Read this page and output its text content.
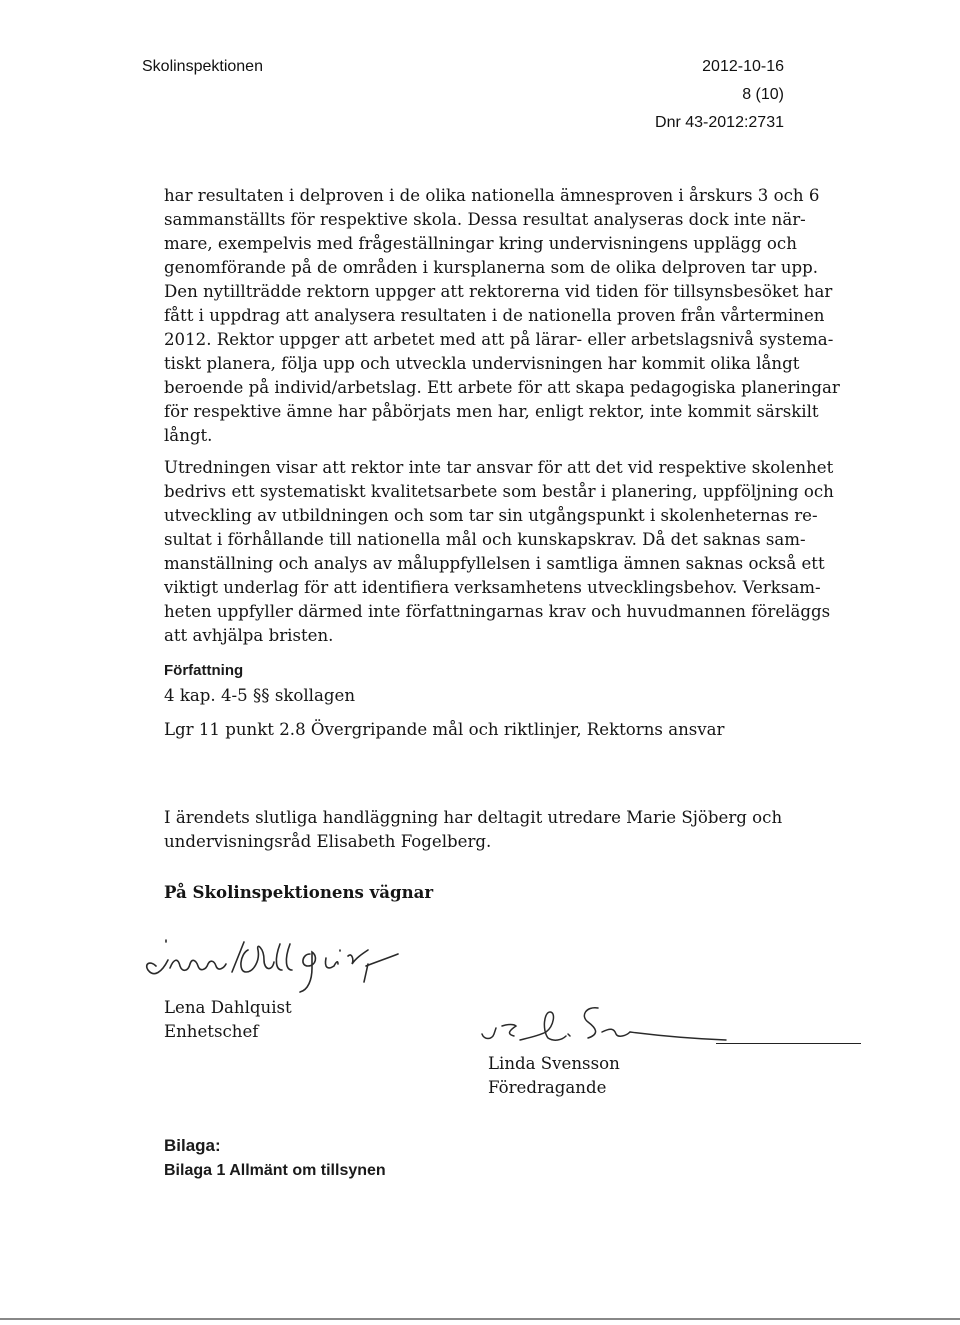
Skolinspektionen	2012-10-16
8 (10)
Dnr 43-2012:2731

har resultaten i delproven i de olika nationella ämnesproven i årskurs 3 och 6

sammanställts för respektive skola. Dessa resultat analyseras dock inte när-

mare, exempelvis med frågeställningar kring undervisningens upplägg och

genomförande på de områden i kursplanerna som de olika delproven tar upp.

Den nytillträdde rektorn uppger att rektorerna vid tiden för tillsynsbesöket har

fått i uppdrag att analysera resultaten i de nationella proven från vårterminen

2012. Rektor uppger att arbetet med att på lärar- eller arbetslagsnivå systema-

tiskt planera, följa upp och utveckla undervisningen har kommit olika långt

beroende på individ/arbetslag. Ett arbete för att skapa pedagogiska planeringar

för respektive ämne har påbörjats men har, enligt rektor, inte kommit särskilt

långt.

Utredningen visar att rektor inte tar ansvar för att det vid respektive skolenhet

bedrivs ett systematiskt kvalitetsarbete som består i planering, uppföljning och

utveckling av utbildningen och som tar sin utgångspunkt i skolenheternas re-

sultat i förhållande till nationella mål och kunskapskrav. Då det saknas sam-

manställning och analys av måluppfyllelsen i samtliga ämnen saknas också ett

viktigt underlag för att identifiera verksamhetens utvecklingsbehov. Verksam-

heten uppfyller därmed inte författningarnas krav och huvudmannen föreläggs

att avhjälpa bristen.

Författning

4 kap. 4-5 §§ skollagen

Lgr 11 punkt 2.8 Övergripande mål och riktlinjer, Rektorns ansvar

I ärendets slutliga handläggning har deltagit utredare Marie Sjöberg och

undervisningsråd Elisabeth Fogelberg.

På Skolinspektionens vägnar

Lena Dahlquist

Enhetschef

Linda Svensson

Föredragande

Bilaga:
Bilaga 1 Allmänt om tillsynen
